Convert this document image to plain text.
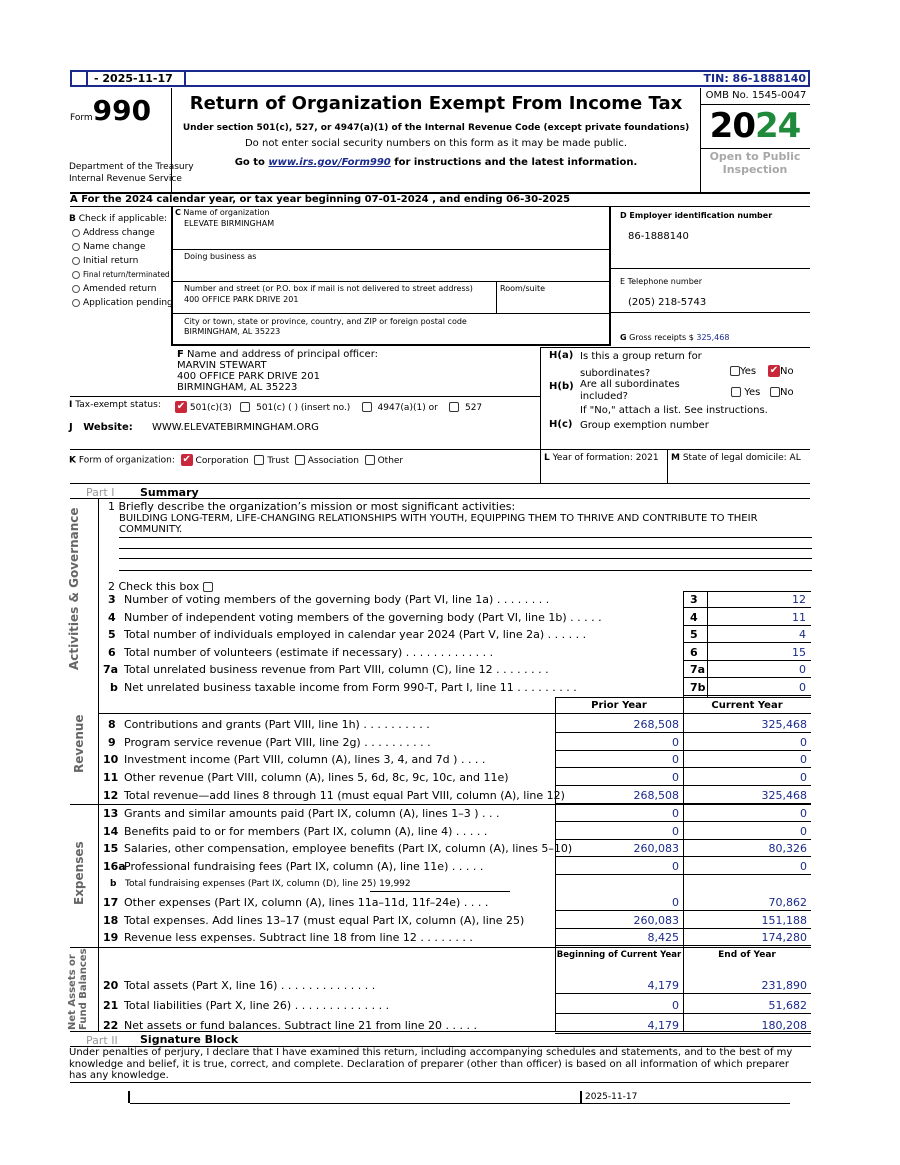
- 2025-11-17	TIN: 86-1888140
Form990
Department of the Treasury
Internal Revenue Service
Return of Organization Exempt From Income Tax
Under section 501(c), 527, or 4947(a)(1) of the Internal Revenue Code (except private foundations)
Do not enter social security numbers on this form as it may be made public.
Go to www.irs.gov/Form990 for instructions and the latest information.
OMB No. 1545-0047
2024
Open to Public
Inspection
A For the 2024 calendar year, or tax year beginning 07-01-2024 , and ending 06-30-2025
B Check if applicable:
Address change
Name change
Initial return
Final return/terminated
Amended return
Application pending
C Name of organization
ELEVATE BIRMINGHAM
Doing business as
Number and street (or P.O. box if mail is not delivered to street address)	Room/suite
400 OFFICE PARK DRIVE 201
City or town, state or province, country, and ZIP or foreign postal code
BIRMINGHAM, AL 35223
D Employer identification number
86-1888140
E Telephone number
(205) 218-5743
G Gross receipts $ 325,468
F Name and address of principal officer:
MARVIN STEWART
400 OFFICE PARK DRIVE 201
BIRMINGHAM, AL 35223
H(a) Is this a group return for
subordinates?	Yes ✔ No
H(b) Are all subordinates
included?	Yes	No
If "No," attach a list. See instructions.
H(c) Group exemption number
I Tax-exempt status: ✔ 501(c)(3)	501(c) ( ) (insert no.)	4947(a)(1) or	527
J Website: WWW.ELEVATEBIRMINGHAM.ORG
K Form of organization: ✔ Corporation Trust Association Other	L Year of formation: 2021 M State of legal domicile: AL
Part I Summary
Activities & Governance
Revenue
Expenses
Net Assets or Fund Balances
1 Briefly describe the organization’s mission or most significant activities:
BUILDING LONG-TERM, LIFE-CHANGING RELATIONSHIPS WITH YOUTH, EQUIPPING THEM TO THRIVE AND CONTRIBUTE TO THEIR
COMMUNITY.
2 Check this box
3 Number of voting members of the governing body (Part VI, line 1a) . . . . . . . .	3	12
4 Number of independent voting members of the governing body (Part VI, line 1b) . . . . .	4	11
5 Total number of individuals employed in calendar year 2024 (Part V, line 2a) . . . . . .	5	4
6 Total number of volunteers (estimate if necessary) . . . . . . . . . . . . .	6	15
7a Total unrelated business revenue from Part VIII, column (C), line 12 . . . . . . . .	7a	0
b Net unrelated business taxable income from Form 990-T, Part I, line 11 . . . . . . . . .	7b	0
Prior Year	Current Year
8 Contributions and grants (Part VIII, line 1h) . . . . . . . . . .	268,508	325,468
9 Program service revenue (Part VIII, line 2g) . . . . . . . . . .	0	0
10 Investment income (Part VIII, column (A), lines 3, 4, and 7d ) . . . .	0	0
11 Other revenue (Part VIII, column (A), lines 5, 6d, 8c, 9c, 10c, and 11e)	0	0
12 Total revenue—add lines 8 through 11 (must equal Part VIII, column (A), line 12)	268,508	325,468
13 Grants and similar amounts paid (Part IX, column (A), lines 1–3 ) . . .	0	0
14 Benefits paid to or for members (Part IX, column (A), line 4) . . . . .	0	0
15 Salaries, other compensation, employee benefits (Part IX, column (A), lines 5–10)	260,083	80,326
16a
Professional fundraising fees (Part IX, column (A), line 11e) . . . . .	0	0
b Total fundraising expenses (Part IX, column (D), line 25) 19,992
17 Other expenses (Part IX, column (A), lines 11a–11d, 11f–24e) . . . .	0	70,862
18 Total expenses. Add lines 13–17 (must equal Part IX, column (A), line 25)	260,083	151,188
19 Revenue less expenses. Subtract line 18 from line 12 . . . . . . . .	8,425	174,280
Beginning of Current Year	End of Year
20 Total assets (Part X, line 16) . . . . . . . . . . . . . .	4,179	231,890
21 Total liabilities (Part X, line 26) . . . . . . . . . . . . . .	0	51,682
22 Net assets or fund balances. Subtract line 21 from line 20 . . . . .	4,179	180,208
Part II Signature Block
Under penalties of perjury, I declare that I have examined this return, including accompanying schedules and statements, and to the best of my knowledge and belief, it is true, correct, and complete. Declaration of preparer (other than officer) is based on all information of which preparer has any knowledge.
2025-11-17
